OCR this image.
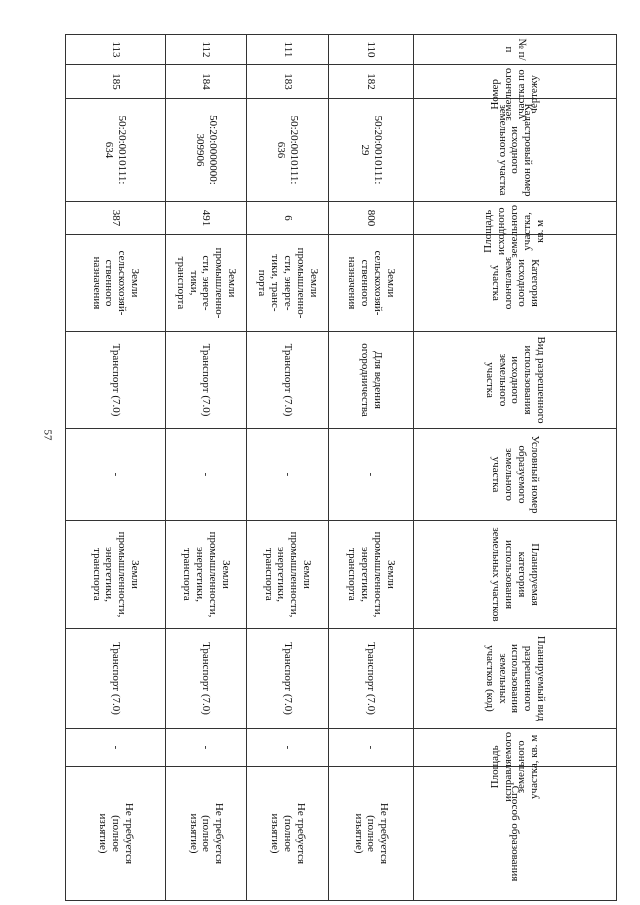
57
№ п/п	Номер земельного участка по чертежу	Кадастровый номер исходного земельного участка	Площадь исходного земельного участка, кв. м	Категория исходного земельного участка	Вид разрешенного использования исходного земельного участка	Условный номер образуемого земельного участка	Планируемая категория использования земельных участков	Планируемый вид разрешенного использования земельных участков (код)	Площадь исправляемого земельного участка, кв. м	Способ образования
110	182	50:20:0010111:
29	800	Земли
сельскохозяй-
ственного
назначения	Для ведения
огородничества	-	Земли
промышленности,
энергетики,
транспорта	Транспорт (7.0)	-	Не требуется
(полное
изъятие)
111	183	50:20:0010111:
636	6	Земли
промышленно-
сти, энерге-
тики, транс-
порта	Транспорт (7.0)	-	Земли
промышленности,
энергетики,
транспорта	Транспорт (7.0)	-	Не требуется
(полное
изъятие)
112	184	50:20:0000000:
309906	491	Земли
промышленно-
сти, энерге-
тики,
транспорта	Транспорт (7.0)	-	Земли
промышленности,
энергетики,
транспорта	Транспорт (7.0)	-	Не требуется
(полное
изъятие)
113	185	50:20:0010111:
634	387	Земли
сельскохозяй-
ственного
назначения	Транспорт (7.0)	-	Земли
промышленности,
энергетики,
транспорта	Транспорт (7.0)	-	Не требуется
(полное
изъятие)
